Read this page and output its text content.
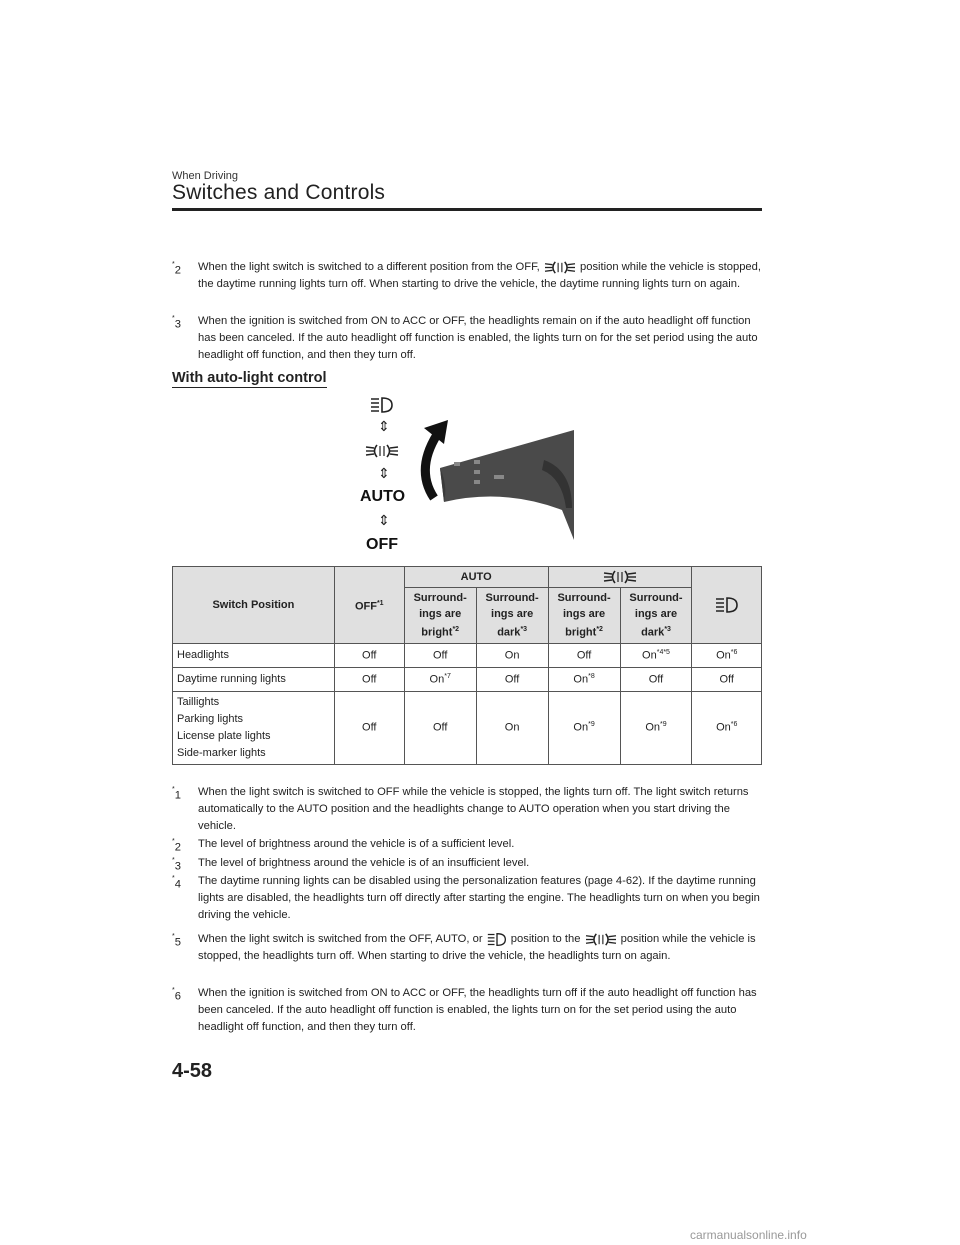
When Driving
Switches and Controls
*2	When the light switch is switched to a different position from the OFF,	position while the vehicle is stopped, the daytime running lights turn off. When starting to drive the vehicle, the daytime running lights turn on again.
*3	When the ignition is switched from ON to ACC or OFF, the headlights remain on if the auto headlight off function has been canceled. If the auto headlight off function is enabled, the lights turn on for the set period using the auto headlight off function, and then they turn off.
With auto-light control
⇕
⇕
AUTO
⇕
OFF
Switch Position	OFF$^{*1}$	AUTO		
		Surround-ings are bright$^{*2}$	Surround-ings are dark$^{*3}$	Surround-ings are bright$^{*2}$	Surround-ings are dark$^{*3}$
Headlights	Off	Off	On	Off	$On^{*4*5}$	On$^{*6}$
Daytime running lights	Off	On$^{*7}$	Off	On$^{*8}$	Off	Off

Taillights
Parking lights
License plate lights
Side-marker lights	Off	Off	On	On$^{*9}$	On$^{*9}$	On$^{*6}$
*1	When the light switch is switched to OFF while the vehicle is stopped, the lights turn off. The light switch returns automatically to the AUTO position and the headlights change to AUTO operation when you start driving the vehicle.
*2	The level of brightness around the vehicle is of a sufficient level.
*3	The level of brightness around the vehicle is of an insufficient level.
*4	The daytime running lights can be disabled using the personalization features (page 4-62). If the daytime running lights are disabled, the headlights turn off directly after starting the engine. The headlights turn on when you begin driving the vehicle.
*5	When the light switch is switched from the OFF, AUTO, or	position to the	position while the vehicle is stopped, the headlights turn off. When starting to drive the vehicle, the headlights turn on again.
*6	When the ignition is switched from ON to ACC or OFF, the headlights turn off if the auto headlight off function has been canceled. If the auto headlight off function is enabled, the lights turn on for the set period using the auto headlight off function, and then they turn off.
4-58
carmanualsonline.info
